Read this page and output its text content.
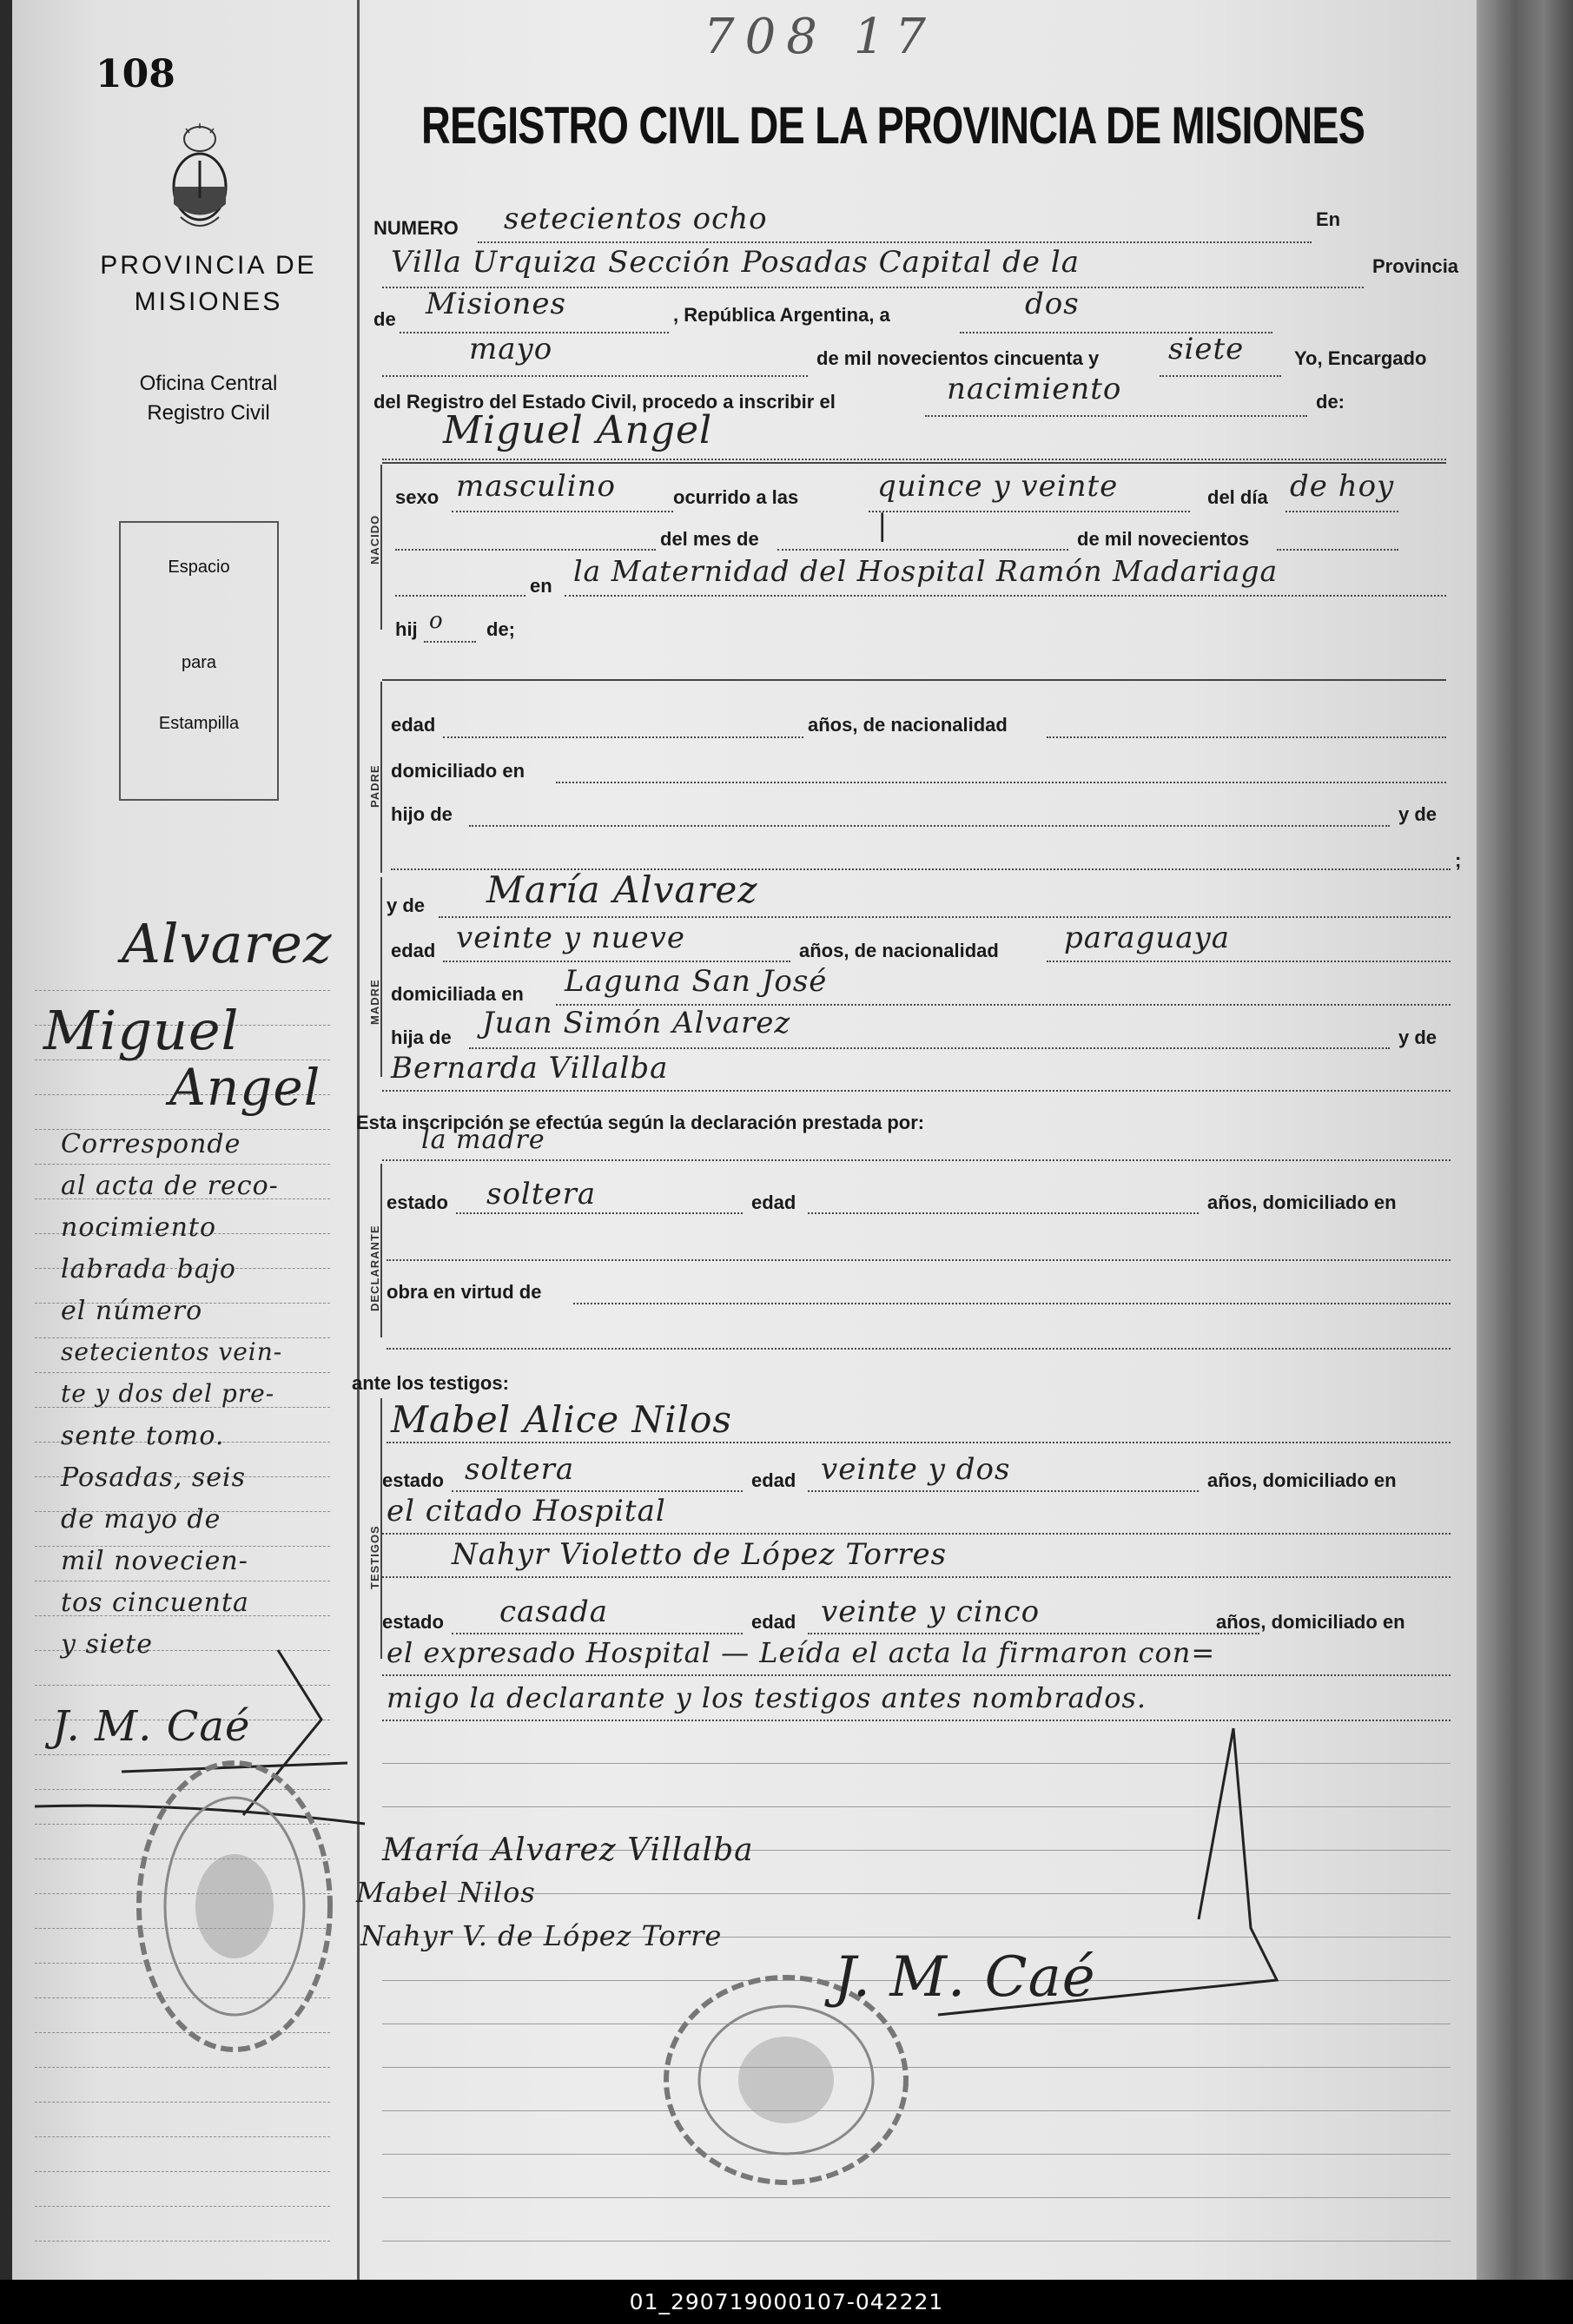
108
PROVINCIA DE
MISIONES
Oficina Central
Registro Civil
Espacio
para
Estampilla
Alvarez
Miguel
Angel
Corresponde
al acta de reco-
nocimiento
labrada bajo
el número
setecientos vein-
te y dos del pre-
sente tomo.
Posadas, seis
de mayo de
mil novecien-
tos cincuenta
y siete
J. M. Caé
708 17
REGISTRO CIVIL DE LA PROVINCIA DE MISIONES
NUMERO setecientos ocho	En
Villa Urquiza Sección Posadas Capital de la	Provincia
de Misiones	, República Argentina, a	dos
mayo	de mil novecientos cincuenta y siete	Yo, Encargado
del Registro del Estado Civil, procedo a inscribir el	nacimiento	de:
Miguel Angel
NACIDO
sexo masculino	ocurrido a las	quince y veinte	del día de hoy
del mes de	|	de mil novecientos
en la Maternidad del Hospital Ramón Madariaga
hij o de;
PADRE
edad	años, de nacionalidad
domiciliado en
hijo de	y de
;
MADRE
y de María Alvarez
edad veinte y nueve	años, de nacionalidad paraguaya
domiciliada en Laguna San José
hija de Juan Simón Alvarez	y de
Bernarda Villalba
Esta inscripción se efectúa según la declaración prestada por:
la madre
DECLARANTE
estado soltera	edad	años, domiciliado en
obra en virtud de
ante los testigos:
TESTIGOS
Mabel Alice Nilos
estado soltera	edad veinte y dos	años, domiciliado en
el citado Hospital
Nahyr Violetto de López Torres
estado casada	edad veinte y cinco	años, domiciliado en
el expresado Hospital — Leída el acta la firmaron con=
migo la declarante y los testigos antes nombrados.
María Alvarez Villalba
Mabel Nilos
Nahyr V. de López Torre
J. M. Caé
01_290719000107-042221
